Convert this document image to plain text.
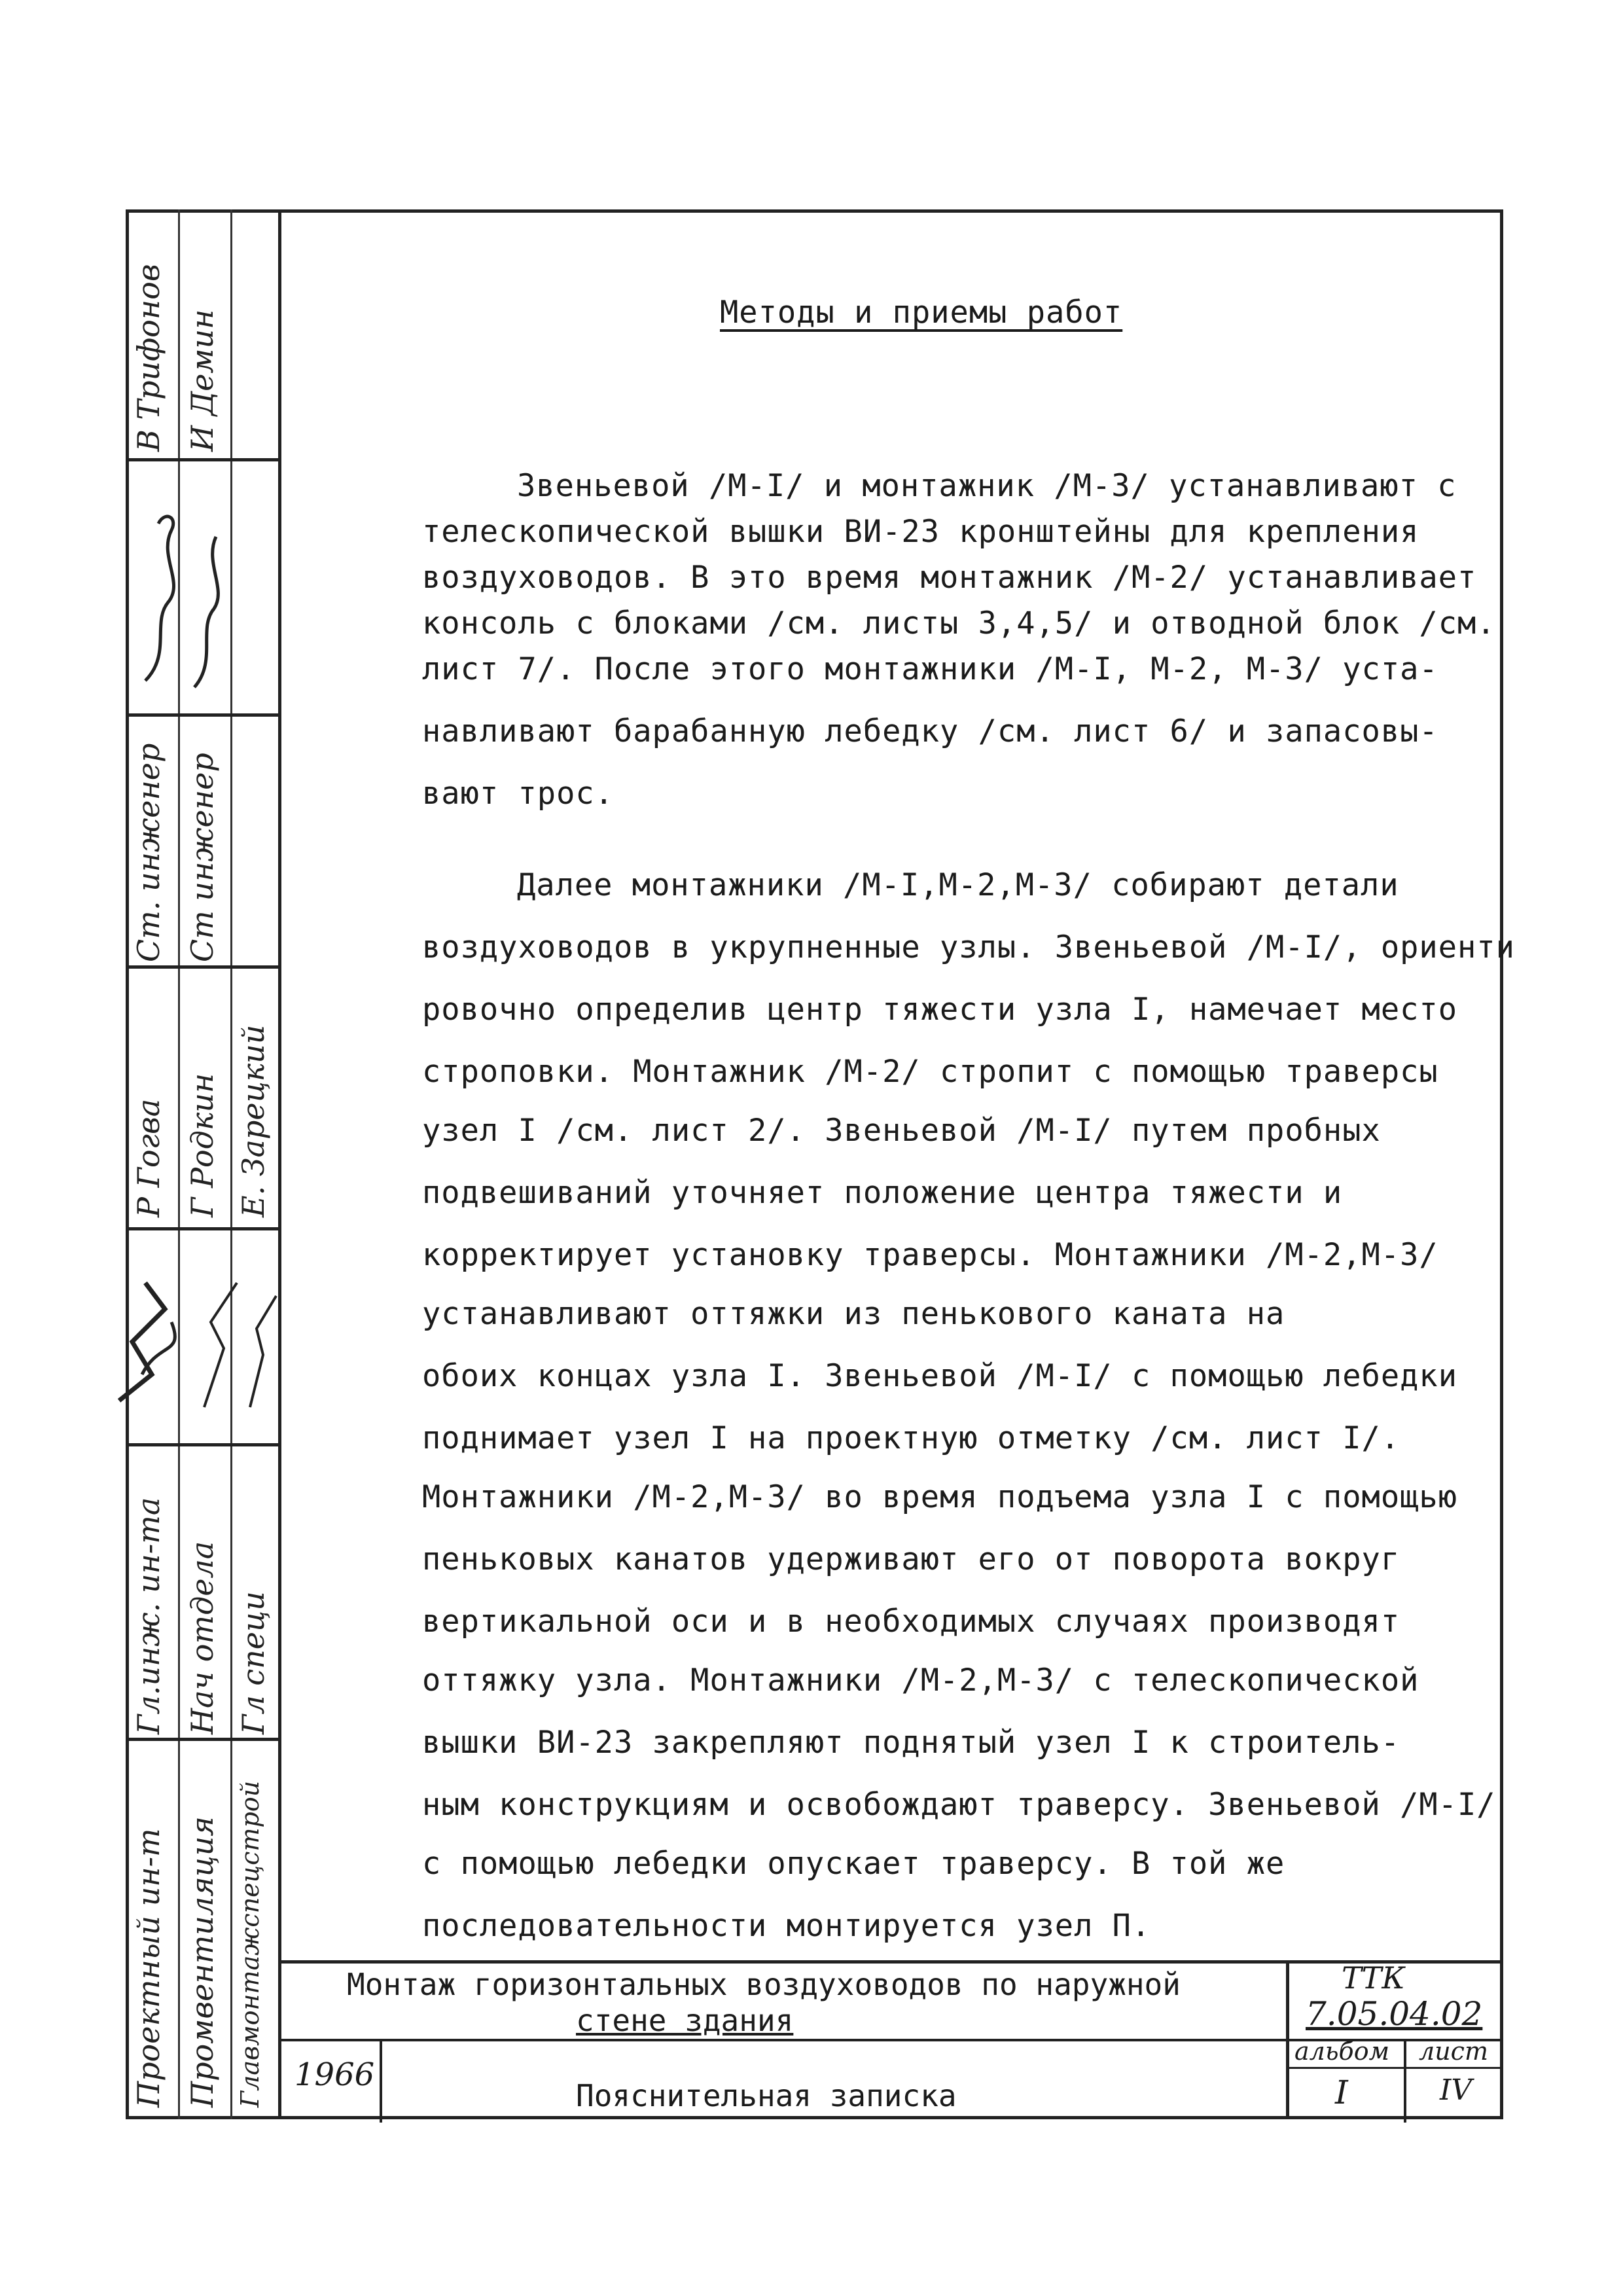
В Трифонов И Демин
Ст. инженер Ст инженер
Р Гогва Г Родкин Е. Зарецкий
Гл.инж. ин-та Нач отдела Гл специ
Проектный ин-т Промвентиляция Главмонтажспецстрой
Методы и приемы работ
Звеньевой /М-I/ и монтажник /М-3/ устанавливают с
телескопической вышки ВИ-23 кронштейны для крепления
воздуховодов. В это время монтажник /М-2/ устанавливает
консоль с блоками /см. листы 3,4,5/ и отводной блок /см.
лист 7/. После этого монтажники /М-I, М-2, М-3/ уста-
навливают барабанную лебедку /см. лист 6/ и запасовы-
вают трос.
Далее монтажники /М-I,М-2,М-3/ собирают детали
воздуховодов в укрупненные узлы. Звеньевой /М-I/, ориенти
ровочно определив центр тяжести узла I, намечает место
строповки. Монтажник /М-2/ стропит с помощью траверсы
узел I /см. лист 2/. Звеньевой /М-I/ путем пробных
подвешиваний уточняет положение центра тяжести и
корректирует установку траверсы. Монтажники /М-2,М-3/
устанавливают оттяжки из пенькового каната на
обоих концах узла I. Звеньевой /М-I/ с помощью лебедки
поднимает узел I на проектную отметку /см. лист I/.
Монтажники /М-2,М-3/ во время подъема узла I с помощью
пеньковых канатов удерживают его от поворота вокруг
вертикальной оси и в необходимых случаях производят
оттяжку узла. Монтажники /М-2,М-3/ с телескопической
вышки ВИ-23 закрепляют поднятый узел I к строитель-
ным конструкциям и освобождают траверсу. Звеньевой /М-I/
с помощью лебедки опускает траверсу. В той же
последовательности монтируется узел П.
Монтаж горизонтальных воздуховодов по наружной
стене здания
ТТК
7.05.04.02
1966
Пояснительная записка
альбом
I
лист
IV
